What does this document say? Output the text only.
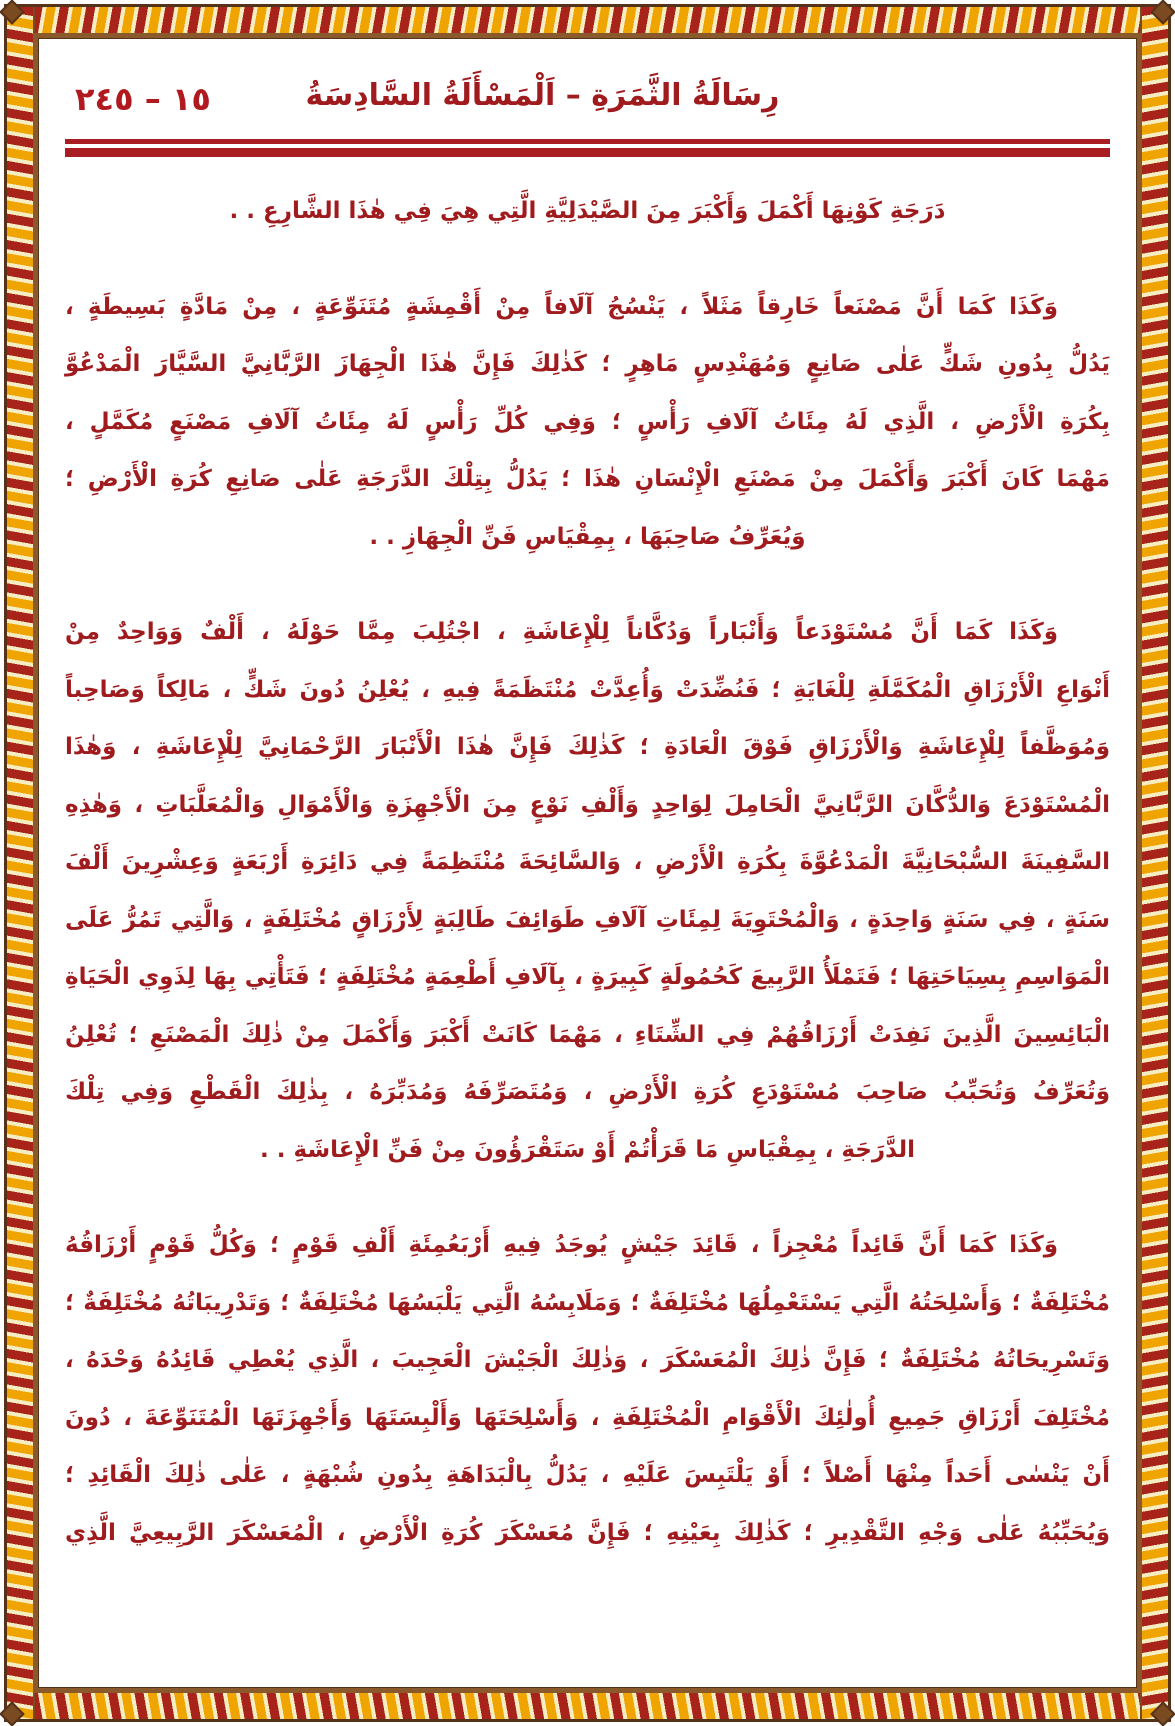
١٥ – ٢٤٥	رِسَالَةُ الثَّمَرَةِ – اَلْمَسْأَلَةُ السَّادِسَةُ
دَرَجَةِ كَوْنِهَا أَكْمَلَ وَأَكْبَرَ مِنَ الصَّيْدَلِيَّةِ الَّتِي هِيَ فِي هٰذَا الشَّارِعِ . .
وَكَذَا كَمَا أَنَّ مَصْنَعاً خَارِقاً مَثَلاً ، يَنْسُجُ آلَافاً مِنْ أَقْمِشَةٍ مُتَنَوِّعَةٍ ، مِنْ مَادَّةٍ بَسِيطَةٍ ،
يَدُلُّ بِدُونِ شَكٍّ عَلٰى صَانِعٍ وَمُهَنْدِسٍ مَاهِرٍ ؛ كَذٰلِكَ فَإِنَّ هٰذَا الْجِهَازَ الرَّبَّانِيَّ السَّيَّارَ الْمَدْعُوَّ
بِكُرَةِ الْأَرْضِ ، الَّذِي لَهُ مِئَاتُ آلَافِ رَأْسٍ ؛ وَفِي كُلِّ رَأْسٍ لَهُ مِئَاتُ آلَافِ مَصْنَعٍ مُكَمَّلٍ ،
مَهْمَا كَانَ أَكْبَرَ وَأَكْمَلَ مِنْ مَصْنَعِ الْإِنْسَانِ هٰذَا ؛ يَدُلُّ بِتِلْكَ الدَّرَجَةِ عَلٰى صَانِعِ كُرَةِ الْأَرْضِ ؛
وَيُعَرِّفُ صَاحِبَهَا ، بِمِقْيَاسِ فَنِّ الْجِهَازِ . .
وَكَذَا كَمَا أَنَّ مُسْتَوْدَعاً وَأَنْبَاراً وَدُكَّاناً لِلْإِعَاشَةِ ، اجْتُلِبَ مِمَّا حَوْلَهُ ، أَلْفٌ وَوَاحِدٌ مِنْ
أَنْوَاعِ الْأَرْزَاقِ الْمُكَمَّلَةِ لِلْغَايَةِ ؛ فَنُضِّدَتْ وَأُعِدَّتْ مُنْتَظَمَةً فِيهِ ، يُعْلِنُ دُونَ شَكٍّ ، مَالِكاً وَصَاحِباً
وَمُوَظَّفاً لِلْإِعَاشَةِ وَالْأَرْزَاقِ فَوْقَ الْعَادَةِ ؛ كَذٰلِكَ فَإِنَّ هٰذَا الْأَنْبَارَ الرَّحْمَانِيَّ لِلْإِعَاشَةِ ، وَهٰذَا
الْمُسْتَوْدَعَ وَالدُّكَّانَ الرَّبَّانِيَّ الْحَامِلَ لِوَاحِدٍ وَأَلْفِ نَوْعٍ مِنَ الْأَجْهِزَةِ وَالْأَمْوَالِ وَالْمُعَلَّبَاتِ ، وَهٰذِهِ
السَّفِينَةَ السُّبْحَانِيَّةَ الْمَدْعُوَّةَ بِكُرَةِ الْأَرْضِ ، وَالسَّائِحَةَ مُنْتَظِمَةً فِي دَائِرَةِ أَرْبَعَةٍ وَعِشْرِينَ أَلْفَ
سَنَةٍ ، فِي سَنَةٍ وَاحِدَةٍ ، وَالْمُحْتَوِيَةَ لِمِئَاتِ آلَافِ طَوَائِفَ طَالِبَةٍ لِأَرْزَاقٍ مُخْتَلِفَةٍ ، وَالَّتِي تَمُرُّ عَلَى
الْمَوَاسِمِ بِسِيَاحَتِهَا ؛ فَتَمْلَأُ الرَّبِيعَ كَحُمُولَةٍ كَبِيرَةٍ ، بِآلَافِ أَطْعِمَةٍ مُخْتَلِفَةٍ ؛ فَتَأْتِي بِهَا لِذَوِي الْحَيَاةِ
الْبَائِسِينَ الَّذِينَ نَفِدَتْ أَرْزَاقُهُمْ فِي الشِّتَاءِ ، مَهْمَا كَانَتْ أَكْبَرَ وَأَكْمَلَ مِنْ ذٰلِكَ الْمَصْنَعِ ؛ تُعْلِنُ
وَتُعَرِّفُ وَتُحَبِّبُ صَاحِبَ مُسْتَوْدَعِ كُرَةِ الْأَرْضِ ، وَمُتَصَرِّفَهُ وَمُدَبِّرَهُ ، بِذٰلِكَ الْقَطْعِ وَفِي تِلْكَ
الدَّرَجَةِ ، بِمِقْيَاسِ مَا قَرَأْتُمْ أَوْ سَتَقْرَؤُونَ مِنْ فَنِّ الْإِعَاشَةِ . .
وَكَذَا كَمَا أَنَّ قَائِداً مُعْجِزاً ، قَائِدَ جَيْشٍ يُوجَدُ فِيهِ أَرْبَعُمِئَةِ أَلْفِ قَوْمٍ ؛ وَكُلُّ قَوْمٍ أَرْزَاقُهُ
مُخْتَلِفَةٌ ؛ وَأَسْلِحَتُهُ الَّتِي يَسْتَعْمِلُهَا مُخْتَلِفَةٌ ؛ وَمَلَابِسُهُ الَّتِي يَلْبَسُهَا مُخْتَلِفَةٌ ؛ وَتَدْرِيبَاتُهُ مُخْتَلِفَةٌ ؛
وَتَسْرِيحَاتُهُ مُخْتَلِفَةٌ ؛ فَإِنَّ ذٰلِكَ الْمُعَسْكَرَ ، وَذٰلِكَ الْجَيْشَ الْعَجِيبَ ، الَّذِي يُعْطِي قَائِدُهُ وَحْدَهُ ،
مُخْتَلِفَ أَرْزَاقِ جَمِيعِ أُولٰئِكَ الْأَقْوَامِ الْمُخْتَلِفَةِ ، وَأَسْلِحَتَهَا وَأَلْبِسَتَهَا وَأَجْهِزَتَهَا الْمُتَنَوِّعَةَ ، دُونَ
أَنْ يَنْسٰى أَحَداً مِنْهَا أَصْلاً ؛ أَوْ يَلْتَبِسَ عَلَيْهِ ، يَدُلُّ بِالْبَدَاهَةِ بِدُونِ شُبْهَةٍ ، عَلٰى ذٰلِكَ الْقَائِدِ ؛
وَيُحَبِّبُهُ عَلٰى وَجْهِ التَّقْدِيرِ ؛ كَذٰلِكَ بِعَيْنِهِ ؛ فَإِنَّ مُعَسْكَرَ كُرَةِ الْأَرْضِ ، الْمُعَسْكَرَ الرَّبِيعِيَّ الَّذِي
